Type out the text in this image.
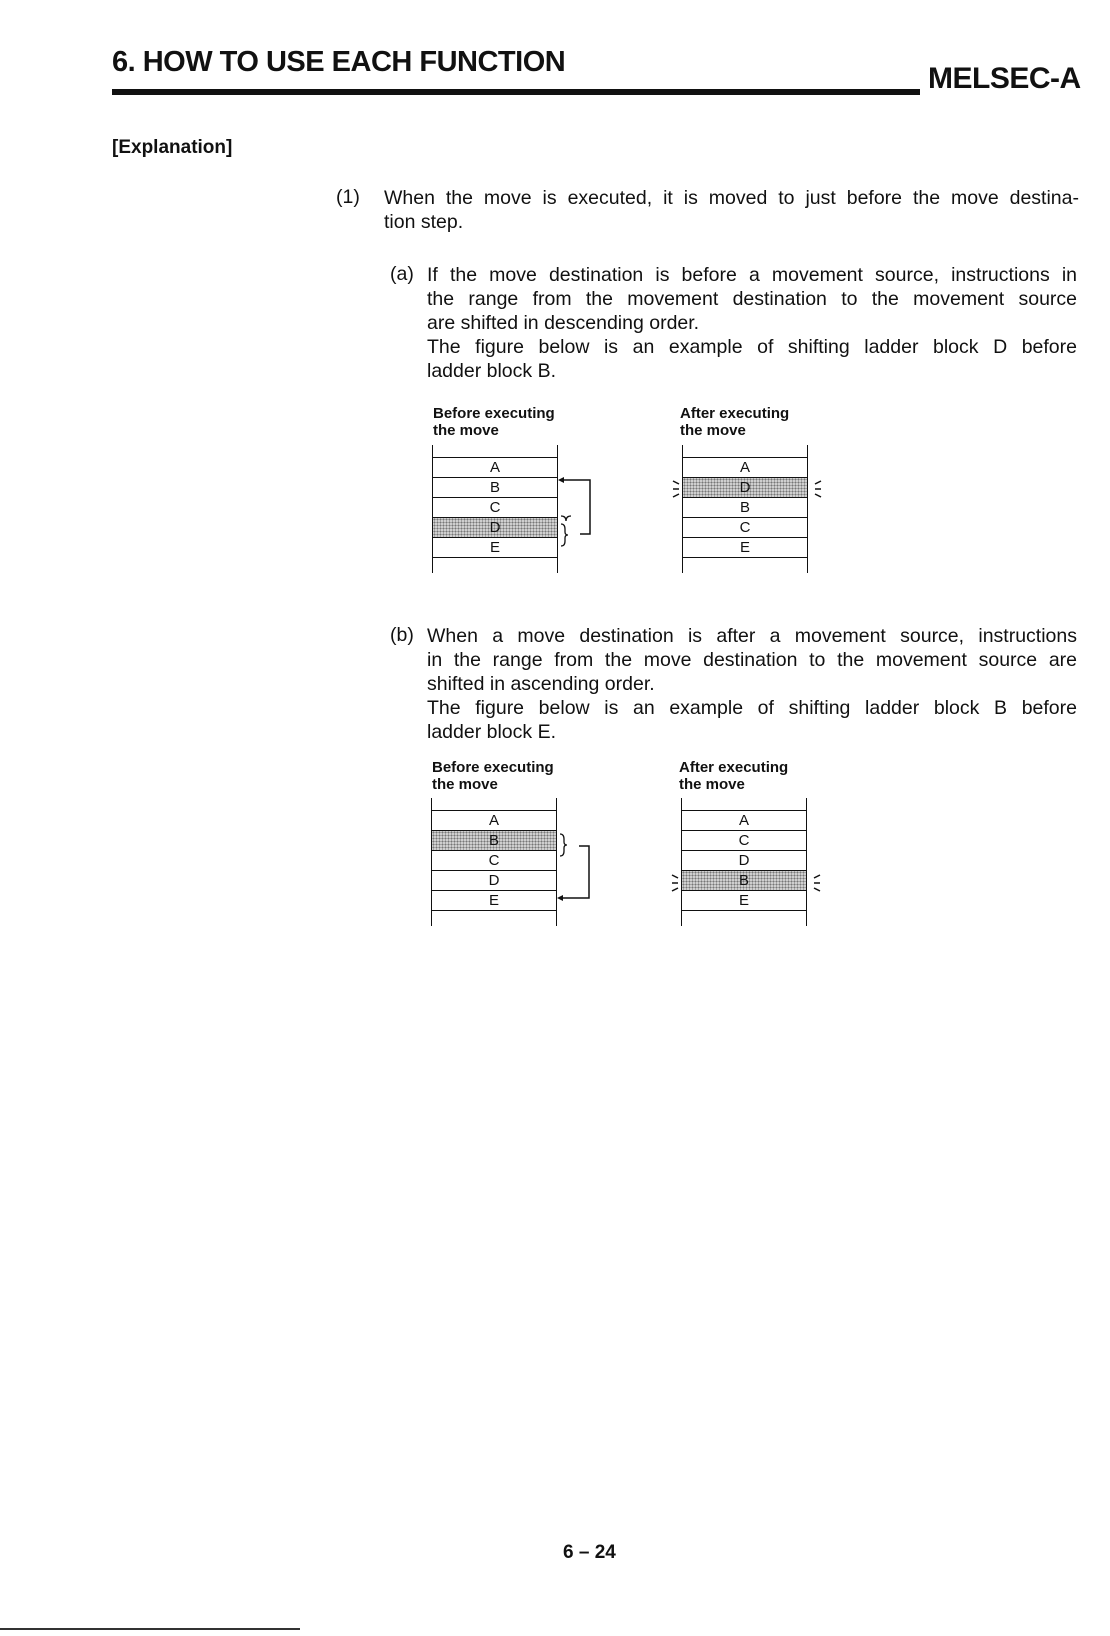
6. HOW TO USE EACH FUNCTION	MELSEC-A
[Explanation]
(1) When the move is executed, it is moved to just before the move destina-
tion step.
(a) If the move destination is before a movement source, instructions in
the range from the movement destination to the movement source
are shifted in descending order.
The figure below is an example of shifting ladder block D before
ladder block B.
Before executing
the move
After executing
the move
A
B
C
D
E
A
D
B
C
E
(b) When a move destination is after a movement source, instructions
in the range from the move destination to the movement source are
shifted in ascending order.
The figure below is an example of shifting ladder block B before
ladder block E.
Before executing
the move
After executing
the move
A
B
C
D
E
A
C
D
B
E
6 – 24
